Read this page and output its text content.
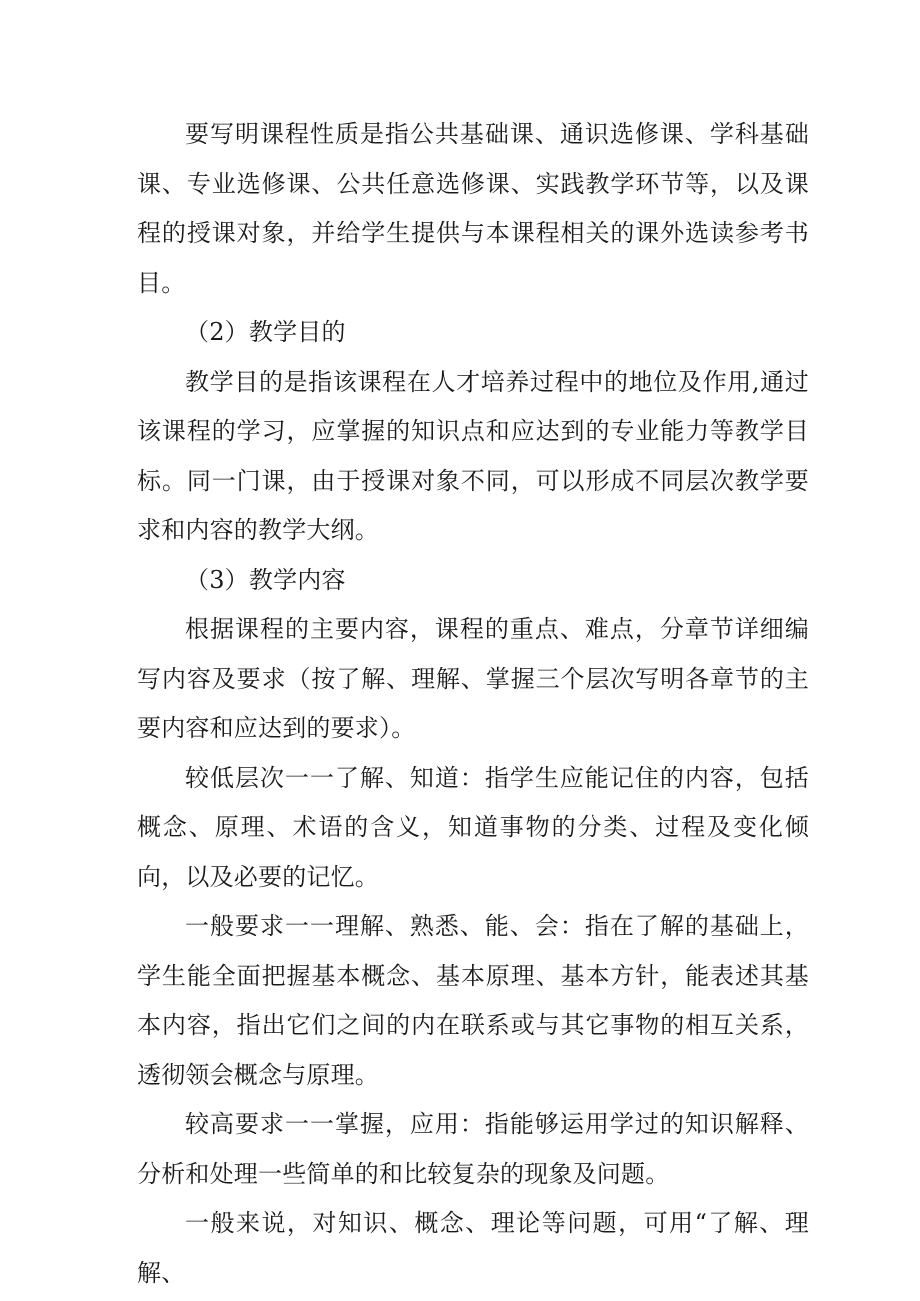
要写明课程性质是指公共基础课、通识选修课、学科基础课、专业选修课、公共任意选修课、实践教学环节等，以及课程的授课对象，并给学生提供与本课程相关的课外选读参考书目。

（2）教学目的

教学目的是指该课程在人才培养过程中的地位及作用,通过该课程的学习，应掌握的知识点和应达到的专业能力等教学目标。同一门课，由于授课对象不同，可以形成不同层次教学要求和内容的教学大纲。

（3）教学内容

根据课程的主要内容，课程的重点、难点，分章节详细编写内容及要求（按了解、理解、掌握三个层次写明各章节的主要内容和应达到的要求）。

较低层次一一了解、知道：指学生应能记住的内容，包括概念、原理、术语的含义，知道事物的分类、过程及变化倾向，以及必要的记忆。

一般要求一一理解、熟悉、能、会：指在了解的基础上，学生能全面把握基本概念、基本原理、基本方针，能表述其基本内容，指出它们之间的内在联系或与其它事物的相互关系，透彻领会概念与原理。

较高要求一一掌握，应用：指能够运用学过的知识解释、分析和处理一些简单的和比较复杂的现象及问题。

一般来说，对知识、概念、理论等问题，可用“了解、理解、
